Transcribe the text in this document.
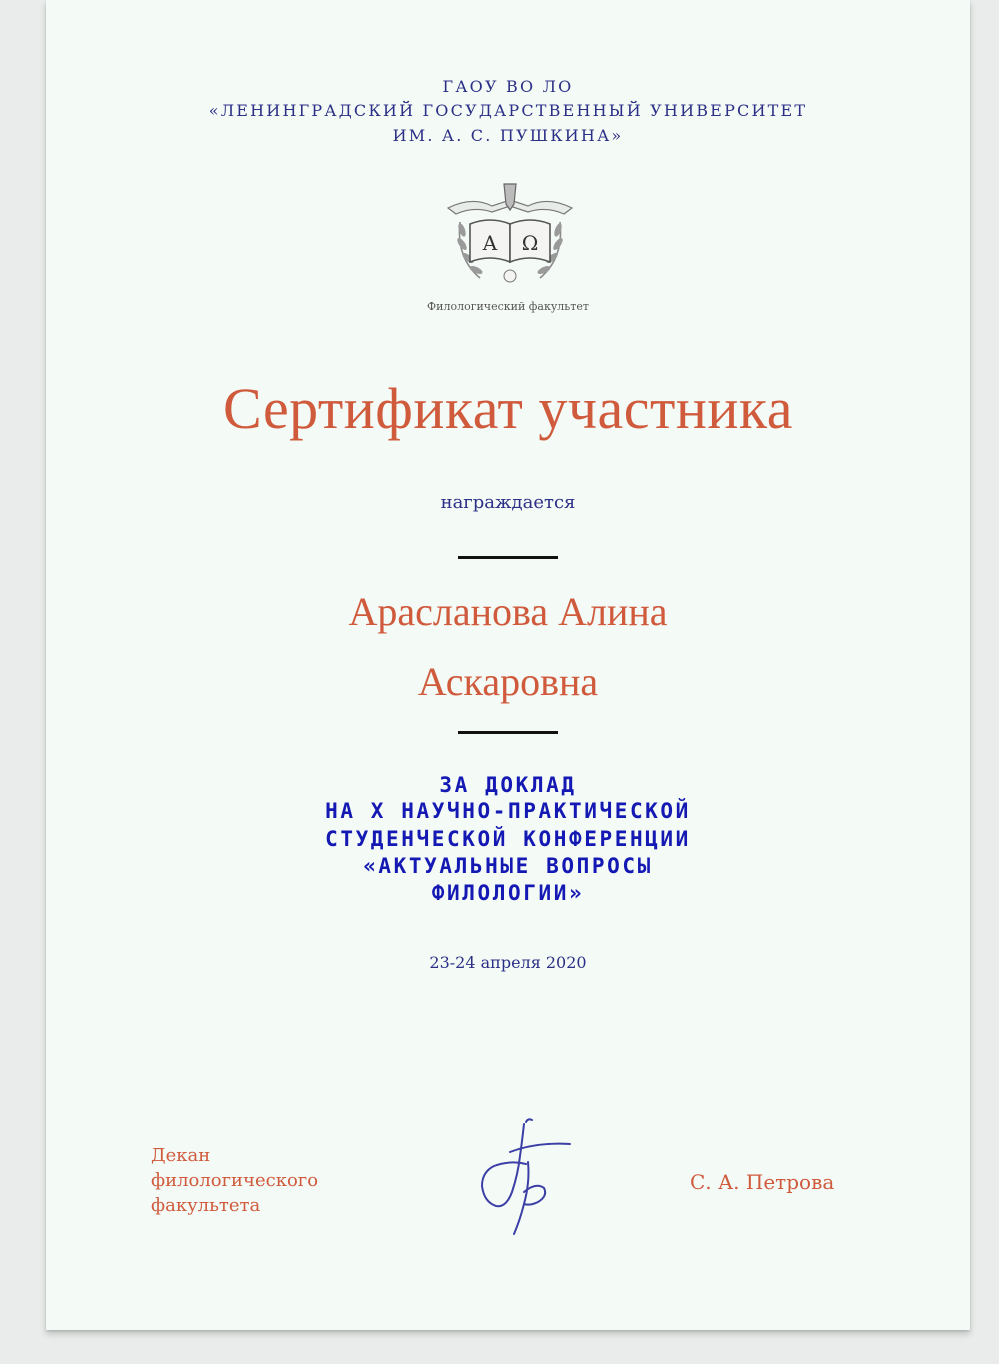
ГАОУ ВО ЛО
«ЛЕНИНГРАДСКИЙ ГОСУДАРСТВЕННЫЙ УНИВЕРСИТЕТ
ИМ. А. С. ПУШКИНА»
А Ω
Филологический факультет
Сертификат участника
награждается
Арасланова Алина
Аскаровна
ЗА ДОКЛАД
НА X НАУЧНО-ПРАКТИЧЕСКОЙ
СТУДЕНЧЕСКОЙ КОНФЕРЕНЦИИ
«АКТУАЛЬНЫЕ ВОПРОСЫ
ФИЛОЛОГИИ»
23-24 апреля 2020
Декан
филологического
факультета
С. А. Петрова
